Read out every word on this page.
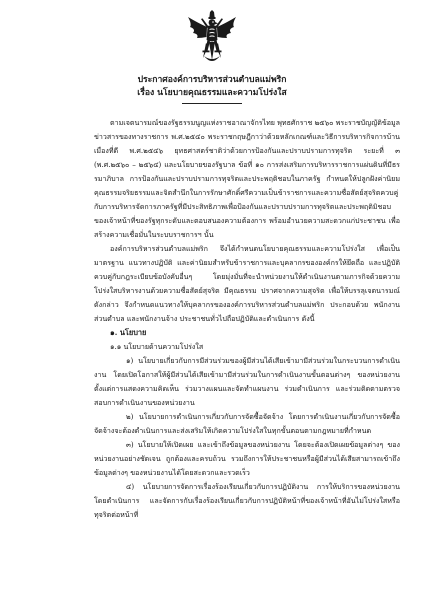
ประกาศองค์การบริหารส่วนตำบลแม่พริก
เรื่อง นโยบายคุณธรรมและความโปร่งใส

ตามเจตนารมณ์ของรัฐธรรมนูญแห่งราชอาณาจักรไทย พุทธศักราช ๒๕๖๐ พระราชบัญญัติข้อมูลข่าวสารของทางราชการ พ.ศ.๒๕๔๐ พระราชกฤษฎีกาว่าด้วยหลักเกณฑ์และวิธีการบริหารกิจการบ้านเมืองที่ดี พ.ศ.๒๕๔๖ ยุทธศาสตร์ชาติว่าด้วยการป้องกันและปราบปรามการทุจริต ระยะที่ ๓ (พ.ศ.๒๕๖๐ – ๒๕๖๔) และนโยบายของรัฐบาล ข้อที่ ๑๐ การส่งเสริมการบริหารราชการแผ่นดินที่มีธรรมาภิบาล การป้องกันและปราบปรามการทุจริตและประพฤติชอบในภาครัฐ กำหนดให้ปลูกฝังค่านิยม คุณธรรมจริยธรรมและจิตสำนึกในการรักษาศักดิ์ศรีความเป็นข้าราชการและความซื่อสัตย์สุจริตควบคู่กับการบริหารจัดการภาครัฐที่มีประสิทธิภาพเพื่อป้องกันและปราบปรามการทุจริตและประพฤติมิชอบของเจ้าหน้าที่ของรัฐทุกระดับและตอบสนองความต้องการ พร้อมอำนวยความสะดวกแก่ประชาชน เพื่อสร้างความเชื่อมั่นในระบบราชการฯ นั้น

องค์การบริหารส่วนตำบลแม่พริก จึงได้กำหนดนโยบายคุณธรรมและความโปร่งใส เพื่อเป็นมาตรฐาน แนวทางปฏิบัติ และค่านิยมสำหรับข้าราชการและบุคลากรขององค์กรให้ยึดถือ และปฏิบัติควบคู่กับกฎระเบียบข้อบังคับอื่นๆ โดยมุ่งมั่นที่จะนำหน่วยงานให้ดำเนินงานตามภารกิจด้วยความโปร่งใสบริหารงานด้วยความซื่อสัตย์สุจริต มีคุณธรรม ปราศจากความสุจริต เพื่อให้บรรลุเจตนารมณ์ดังกล่าว จึงกำหนดแนวทางให้บุคลากรขององค์การบริหารส่วนตำบลแม่พริก ประกอบด้วย พนักงานส่วนตำบล และพนักงานจ้าง ประชาชนทั่วไปถือปฏิบัติและดำเนินการ ดังนี้

๑. นโยบาย
๑.๑ นโยบายด้านความโปร่งใส

๑) นโยบายเกี่ยวกับการมีส่วนร่วมของผู้มีส่วนได้เสียเข้ามามีส่วนร่วมในกระบวนการดำเนินงาน โดยเปิดโอกาสให้ผู้มีส่วนได้เสียเข้ามามีส่วนร่วมในการดำเนินงานขั้นตอนต่างๆ ของหน่วยงานตั้งแต่การแสดงความคิดเห็น ร่วมวางแผนและจัดทำแผนงาน ร่วมดำเนินการ และร่วมติดตามตรวจสอบการดำเนินงานของหน่วยงาน

๒) นโยบายการดำเนินการเกี่ยวกับการจัดซื้อจัดจ้าง โดยการดำเนินงานเกี่ยวกับการจัดซื้อจัดจ้างจะต้องดำเนินการและส่งเสริมให้เกิดความโปร่งใสในทุกขั้นตอนตามกฎหมายที่กำหนด

๓) นโยบายให้เปิดเผย และเข้าถึงข้อมูลของหน่วยงาน โดยจะต้องเปิดเผยข้อมูลต่างๆ ของหน่วยงานอย่างชัดเจน ถูกต้องและครบถ้วน รวมถึงการให้ประชาชนหรือผู้มีส่วนได้เสียสามารถเข้าถึงข้อมูลต่างๆ ของหน่วยงานได้โดยสะดวกและรวดเร็ว

๔) นโยบายการจัดการเรื่องร้องเรียนเกี่ยวกับการปฏิบัติงาน การให้บริการของหน่วยงาน โดยดำเนินการ และจัดการกับเรื่องร้องเรียนเกี่ยวกับการปฏิบัติหน้าที่ของเจ้าหน้าที่อันไม่โปร่งใสหรือทุจริตต่อหน้าที่
